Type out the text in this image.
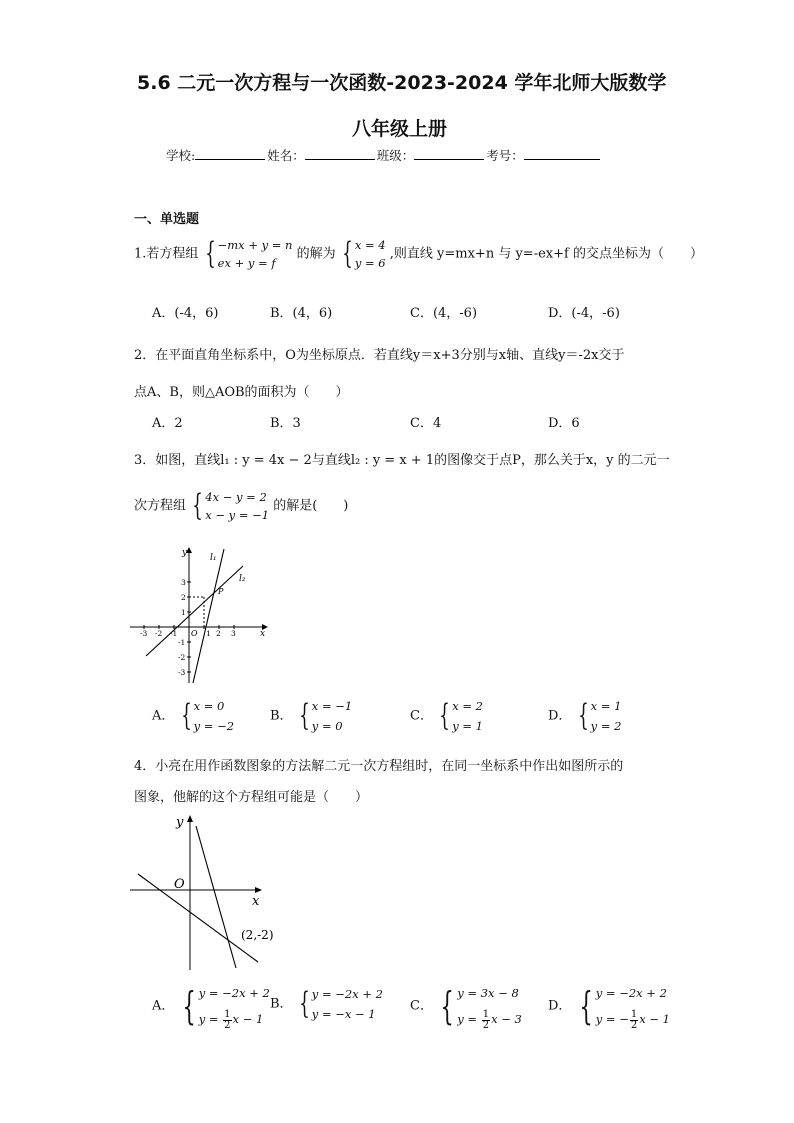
5.6 二元一次方程与一次函数-2023-2024 学年北师大版数学
八年级上册
学校:	姓名：	班级：	考号：
一、单选题
1.若方程组 { −mx + y = n
ex + y = f
的解为 { x = 4
y = 6
,则直线 y=mx+n 与 y=-ex+f 的交点坐标为（　　）
A．(-4，6)	B．(4，6)	C．(4，-6)	D．(-4，-6)
2．在平面直角坐标系中，O为坐标原点．若直线y＝x+3分别与x轴、直线y＝-2x交于
点A、B，则△AOB的面积为（　　）
A．2	B．3	C．4	D．6
3．如图，直线l₁ : y = 4x − 2与直线l₂ : y = x + 1的图像交于点P，那么关于x，y 的二元一
次方程组 { 4x − y = 2
x − y = −1
的解是(　　)
y
x
l₁
l₂
P
O
-3 -2 -1	2 3
1
3
2
1
-1
-2
-3
A． { x = 0
y = −2
B． { x = −1
y = 0
C． { x = 2
y = 1
D． { x = 1
y = 2
4．小亮在用作函数图象的方法解二元一次方程组时，在同一坐标系中作出如图所示的
图象，他解的这个方程组可能是（　　）
y
x
O
(2,-2)
A． { y = −2x + 2
$y = \frac{1}{2}$ x − 1
B． { y = −2x + 2
y = −x − 1
C． { y = 3x − 8
$y = \frac{1}{2}$ x − 3
D． { y = −2x + 2
y = − $\frac{1}{2}$ x − 1
